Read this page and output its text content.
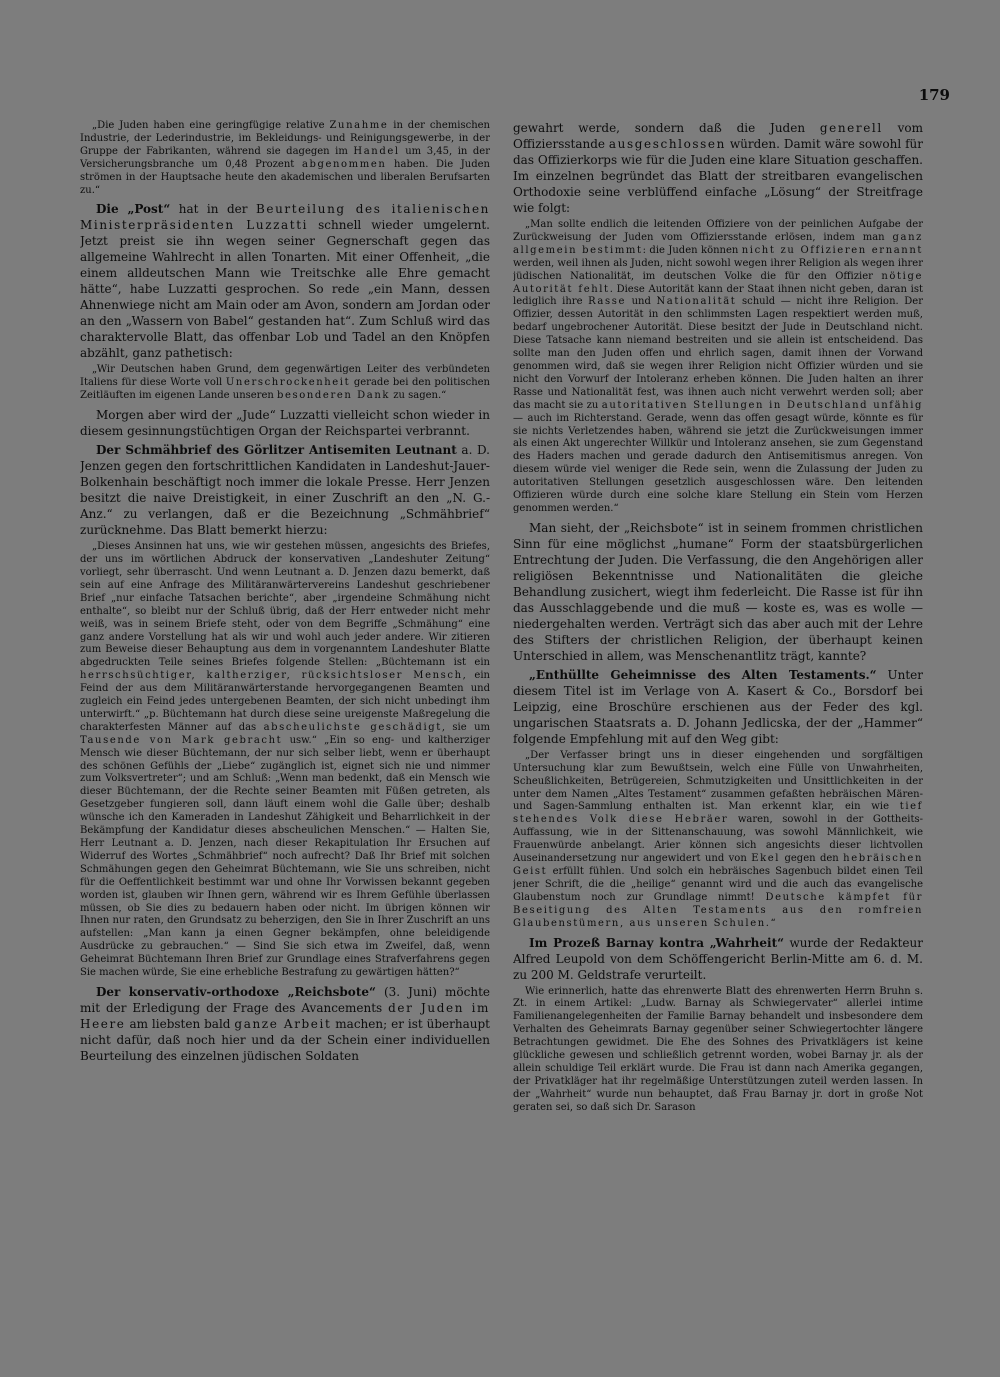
179

„Die Juden haben eine geringfügige relative Zunahme in der chemischen Industrie, der Lederindustrie, im Bekleidungs- und Reinigungsgewerbe, in der Gruppe der Fabrikanten, während sie dagegen im Handel um 3,45, in der Versicherungsbranche um 0,48 Prozent abgenommen haben. Die Juden strömen in der Hauptsache heute den akademischen und liberalen Berufsarten zu.“

Die „Post“ hat in der Beurteilung des italienischen Ministerpräsidenten Luzzatti schnell wieder umgelernt. Jetzt preist sie ihn wegen seiner Gegnerschaft gegen das allgemeine Wahlrecht in allen Tonarten. Mit einer Offenheit, „die einem alldeutschen Mann wie Treitschke alle Ehre gemacht hätte“, habe Luzzatti gesprochen. So rede „ein Mann, dessen Ahnenwiege nicht am Main oder am Avon, sondern am Jordan oder an den „Wassern von Babel“ gestanden hat“. Zum Schluß wird das charaktervolle Blatt, das offenbar Lob und Tadel an den Knöpfen abzählt, ganz pathetisch:

„Wir Deutschen haben Grund, dem gegenwärtigen Leiter des verbündeten Italiens für diese Worte voll Unerschrockenheit gerade bei den politischen Zeitläuften im eigenen Lande unseren besonderen Dank zu sagen.“

Morgen aber wird der „Jude“ Luzzatti vielleicht schon wieder in diesem gesinnungstüchtigen Organ der Reichspartei verbrannt.

Der Schmähbrief des Görlitzer Antisemiten Leutnant a. D. Jenzen gegen den fortschrittlichen Kandidaten in Landeshut-Jauer-Bolkenhain beschäftigt noch immer die lokale Presse. Herr Jenzen besitzt die naive Dreistigkeit, in einer Zuschrift an den „N. G.-Anz.“ zu verlangen, daß er die Bezeichnung „Schmähbrief“ zurücknehme. Das Blatt bemerkt hierzu:

„Dieses Ansinnen hat uns, wie wir gestehen müssen, angesichts des Briefes, der uns im wörtlichen Abdruck der konservativen „Landeshuter Zeitung“ vorliegt, sehr überrascht. Und wenn Leutnant a. D. Jenzen dazu bemerkt, daß sein auf eine Anfrage des Militäranwärtervereins Landeshut geschriebener Brief „nur einfache Tatsachen berichte“, aber „irgendeine Schmähung nicht enthalte“, so bleibt nur der Schluß übrig, daß der Herr entweder nicht mehr weiß, was in seinem Briefe steht, oder von dem Begriffe „Schmähung“ eine ganz andere Vorstellung hat als wir und wohl auch jeder andere. Wir zitieren zum Beweise dieser Behauptung aus dem in vorgenanntem Landeshuter Blatte abgedruckten Teile seines Briefes folgende Stellen: „Büchtemann ist ein herrschsüchtiger, kaltherziger, rücksichtsloser Mensch, ein Feind der aus dem Militäranwärterstande hervorgegangenen Beamten und zugleich ein Feind jedes untergebenen Beamten, der sich nicht unbedingt ihm unterwirft.“ „p. Büchtemann hat durch diese seine ureigenste Maßregelung die charakterfesten Männer auf das abscheulichste geschädigt, sie um Tausende von Mark gebracht usw.“ „Ein so eng- und kaltherziger Mensch wie dieser Büchtemann, der nur sich selber liebt, wenn er überhaupt des schönen Gefühls der „Liebe“ zugänglich ist, eignet sich nie und nimmer zum Volksvertreter“; und am Schluß: „Wenn man bedenkt, daß ein Mensch wie dieser Büchtemann, der die Rechte seiner Beamten mit Füßen getreten, als Gesetzgeber fungieren soll, dann läuft einem wohl die Galle über; deshalb wünsche ich den Kameraden in Landeshut Zähigkeit und Beharrlichkeit in der Bekämpfung der Kandidatur dieses abscheulichen Menschen.“ — Halten Sie, Herr Leutnant a. D. Jenzen, nach dieser Rekapitulation Ihr Ersuchen auf Widerruf des Wortes „Schmähbrief“ noch aufrecht? Daß Ihr Brief mit solchen Schmähungen gegen den Geheimrat Büchtemann, wie Sie uns schreiben, nicht für die Oeffentlichkeit bestimmt war und ohne Ihr Vorwissen bekannt gegeben worden ist, glauben wir Ihnen gern, während wir es Ihrem Gefühle überlassen müssen, ob Sie dies zu bedauern haben oder nicht. Im übrigen können wir Ihnen nur raten, den Grundsatz zu beherzigen, den Sie in Ihrer Zuschrift an uns aufstellen: „Man kann ja einen Gegner bekämpfen, ohne beleidigende Ausdrücke zu gebrauchen.“ — Sind Sie sich etwa im Zweifel, daß, wenn Geheimrat Büchtemann Ihren Brief zur Grundlage eines Strafverfahrens gegen Sie machen würde, Sie eine erhebliche Bestrafung zu gewärtigen hätten?“

Der konservativ-orthodoxe „Reichsbote“ (3. Juni) möchte mit der Erledigung der Frage des Avancements der Juden im Heere am liebsten bald ganze Arbeit machen; er ist überhaupt nicht dafür, daß noch hier und da der Schein einer individuellen Beurteilung des einzelnen jüdischen Soldaten

gewahrt werde, sondern daß die Juden generell vom Offiziersstande ausgeschlossen würden. Damit wäre sowohl für das Offizierkorps wie für die Juden eine klare Situation geschaffen. Im einzelnen begründet das Blatt der streitbaren evangelischen Orthodoxie seine verblüffend einfache „Lösung“ der Streitfrage wie folgt:

„Man sollte endlich die leitenden Offiziere von der peinlichen Aufgabe der Zurückweisung der Juden vom Offiziersstande erlösen, indem man ganz allgemein bestimmt: die Juden können nicht zu Offizieren ernannt werden, weil ihnen als Juden, nicht sowohl wegen ihrer Religion als wegen ihrer jüdischen Nationalität, im deutschen Volke die für den Offizier nötige Autorität fehlt. Diese Autorität kann der Staat ihnen nicht geben, daran ist lediglich ihre Rasse und Nationalität schuld — nicht ihre Religion. Der Offizier, dessen Autorität in den schlimmsten Lagen respektiert werden muß, bedarf ungebrochener Autorität. Diese besitzt der Jude in Deutschland nicht. Diese Tatsache kann niemand bestreiten und sie allein ist entscheidend. Das sollte man den Juden offen und ehrlich sagen, damit ihnen der Vorwand genommen wird, daß sie wegen ihrer Religion nicht Offizier würden und sie nicht den Vorwurf der Intoleranz erheben können. Die Juden halten an ihrer Rasse und Nationalität fest, was ihnen auch nicht verwehrt werden soll; aber das macht sie zu autoritativen Stellungen in Deutschland unfähig — auch im Richterstand. Gerade, wenn das offen gesagt würde, könnte es für sie nichts Verletzendes haben, während sie jetzt die Zurückweisungen immer als einen Akt ungerechter Willkür und Intoleranz ansehen, sie zum Gegenstand des Haders machen und gerade dadurch den Antisemitismus anregen. Von diesem würde viel weniger die Rede sein, wenn die Zulassung der Juden zu autoritativen Stellungen gesetzlich ausgeschlossen wäre. Den leitenden Offizieren würde durch eine solche klare Stellung ein Stein vom Herzen genommen werden.“

Man sieht, der „Reichsbote“ ist in seinem frommen christlichen Sinn für eine möglichst „humane“ Form der staatsbürgerlichen Entrechtung der Juden. Die Verfassung, die den Angehörigen aller religiösen Bekenntnisse und Nationalitäten die gleiche Behandlung zusichert, wiegt ihm federleicht. Die Rasse ist für ihn das Ausschlaggebende und die muß — koste es, was es wolle — niedergehalten werden. Verträgt sich das aber auch mit der Lehre des Stifters der christlichen Religion, der überhaupt keinen Unterschied in allem, was Menschenantlitz trägt, kannte?

„Enthüllte Geheimnisse des Alten Testaments.“ Unter diesem Titel ist im Verlage von A. Kasert & Co., Borsdorf bei Leipzig, eine Broschüre erschienen aus der Feder des kgl. ungarischen Staatsrats a. D. Johann Jedlicska, der der „Hammer“ folgende Empfehlung mit auf den Weg gibt:

„Der Verfasser bringt uns in dieser eingehenden und sorgfältigen Untersuchung klar zum Bewußtsein, welch eine Fülle von Unwahrheiten, Scheußlichkeiten, Betrügereien, Schmutzigkeiten und Unsittlichkeiten in der unter dem Namen „Altes Testament“ zusammen gefaßten hebräischen Mären- und Sagen-Sammlung enthalten ist. Man erkennt klar, ein wie tief stehendes Volk diese Hebräer waren, sowohl in der Gottheits-Auffassung, wie in der Sittenanschauung, was sowohl Männlichkeit, wie Frauenwürde anbelangt. Arier können sich angesichts dieser lichtvollen Auseinandersetzung nur angewidert und von Ekel gegen den hebräischen Geist erfüllt fühlen. Und solch ein hebräisches Sagenbuch bildet einen Teil jener Schrift, die die „heilige“ genannt wird und die auch das evangelische Glaubenstum noch zur Grundlage nimmt! Deutsche kämpfet für Beseitigung des Alten Testaments aus den romfreien Glaubenstümern, aus unseren Schulen.“

Im Prozeß Barnay kontra „Wahrheit“ wurde der Redakteur Alfred Leupold von dem Schöffengericht Berlin-Mitte am 6. d. M. zu 200 M. Geldstrafe verurteilt.

Wie erinnerlich, hatte das ehrenwerte Blatt des ehrenwerten Herrn Bruhn s. Zt. in einem Artikel: „Ludw. Barnay als Schwiegervater“ allerlei intime Familienangelegenheiten der Familie Barnay behandelt und insbesondere dem Verhalten des Geheimrats Barnay gegenüber seiner Schwiegertochter längere Betrachtungen gewidmet. Die Ehe des Sohnes des Privatklägers ist keine glückliche gewesen und schließlich getrennt worden, wobei Barnay jr. als der allein schuldige Teil erklärt wurde. Die Frau ist dann nach Amerika gegangen, der Privatkläger hat ihr regelmäßige Unterstützungen zuteil werden lassen. In der „Wahrheit“ wurde nun behauptet, daß Frau Barnay jr. dort in große Not geraten sei, so daß sich Dr. Sarason
